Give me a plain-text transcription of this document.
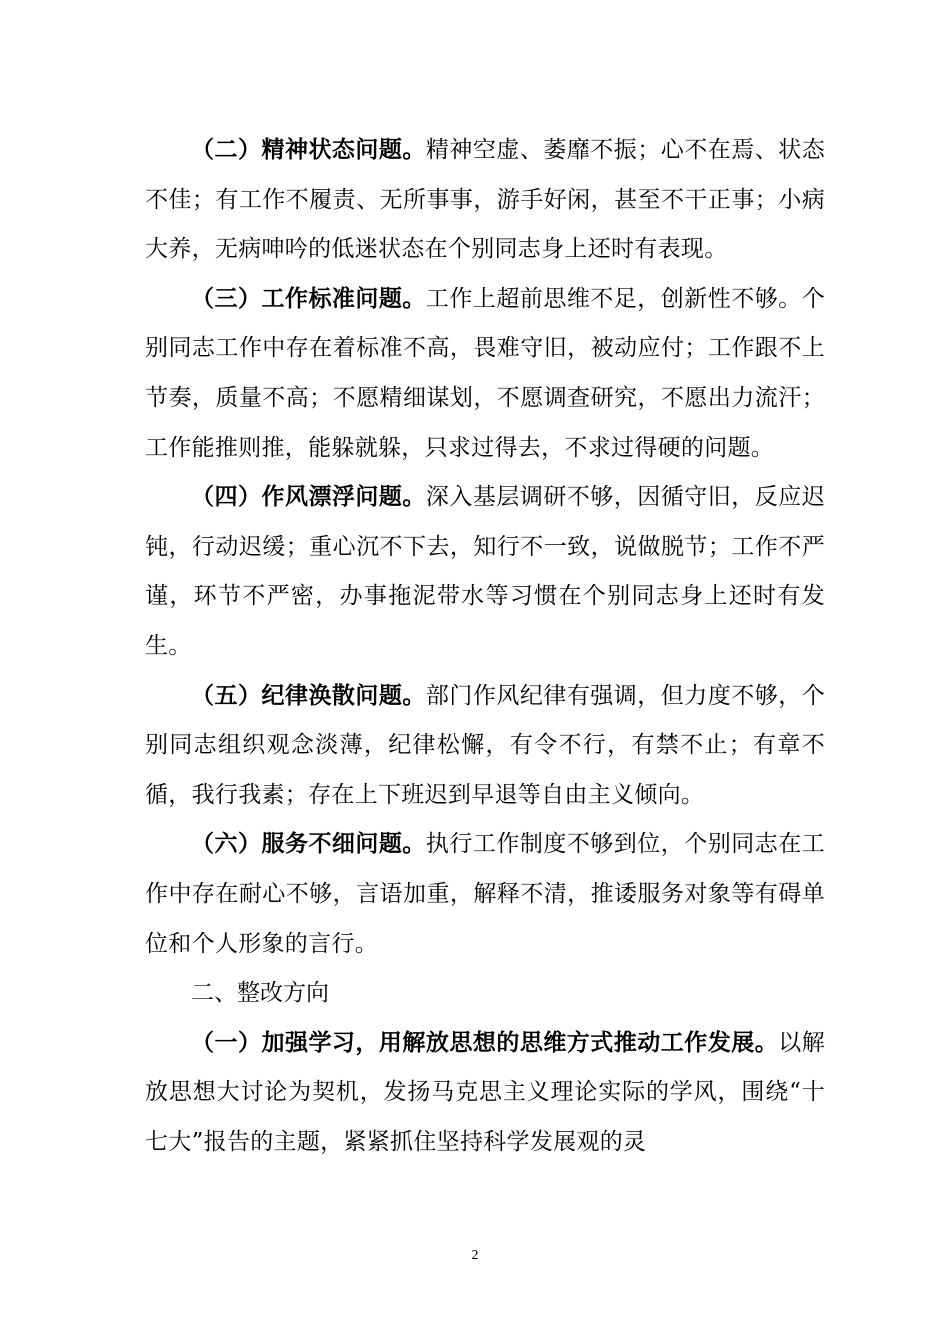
（二）精神状态问题。精神空虚、萎靡不振；心不在焉、状态不佳；有工作不履责、无所事事，游手好闲，甚至不干正事；小病大养，无病呻吟的低迷状态在个别同志身上还时有表现。

（三）工作标准问题。工作上超前思维不足，创新性不够。个别同志工作中存在着标准不高，畏难守旧，被动应付；工作跟不上节奏，质量不高；不愿精细谋划，不愿调查研究，不愿出力流汗；工作能推则推，能躲就躲，只求过得去，不求过得硬的问题。

（四）作风漂浮问题。深入基层调研不够，因循守旧，反应迟钝，行动迟缓；重心沉不下去，知行不一致，说做脱节；工作不严谨，环节不严密，办事拖泥带水等习惯在个别同志身上还时有发生。

（五）纪律涣散问题。部门作风纪律有强调，但力度不够，个别同志组织观念淡薄，纪律松懈，有令不行，有禁不止；有章不循，我行我素；存在上下班迟到早退等自由主义倾向。

（六）服务不细问题。执行工作制度不够到位，个别同志在工作中存在耐心不够，言语加重，解释不清，推诿服务对象等有碍单位和个人形象的言行。

二、整改方向

（一）加强学习，用解放思想的思维方式推动工作发展。以解放思想大讨论为契机，发扬马克思主义理论实际的学风，围绕“十七大”报告的主题，紧紧抓住坚持科学发展观的灵

2
